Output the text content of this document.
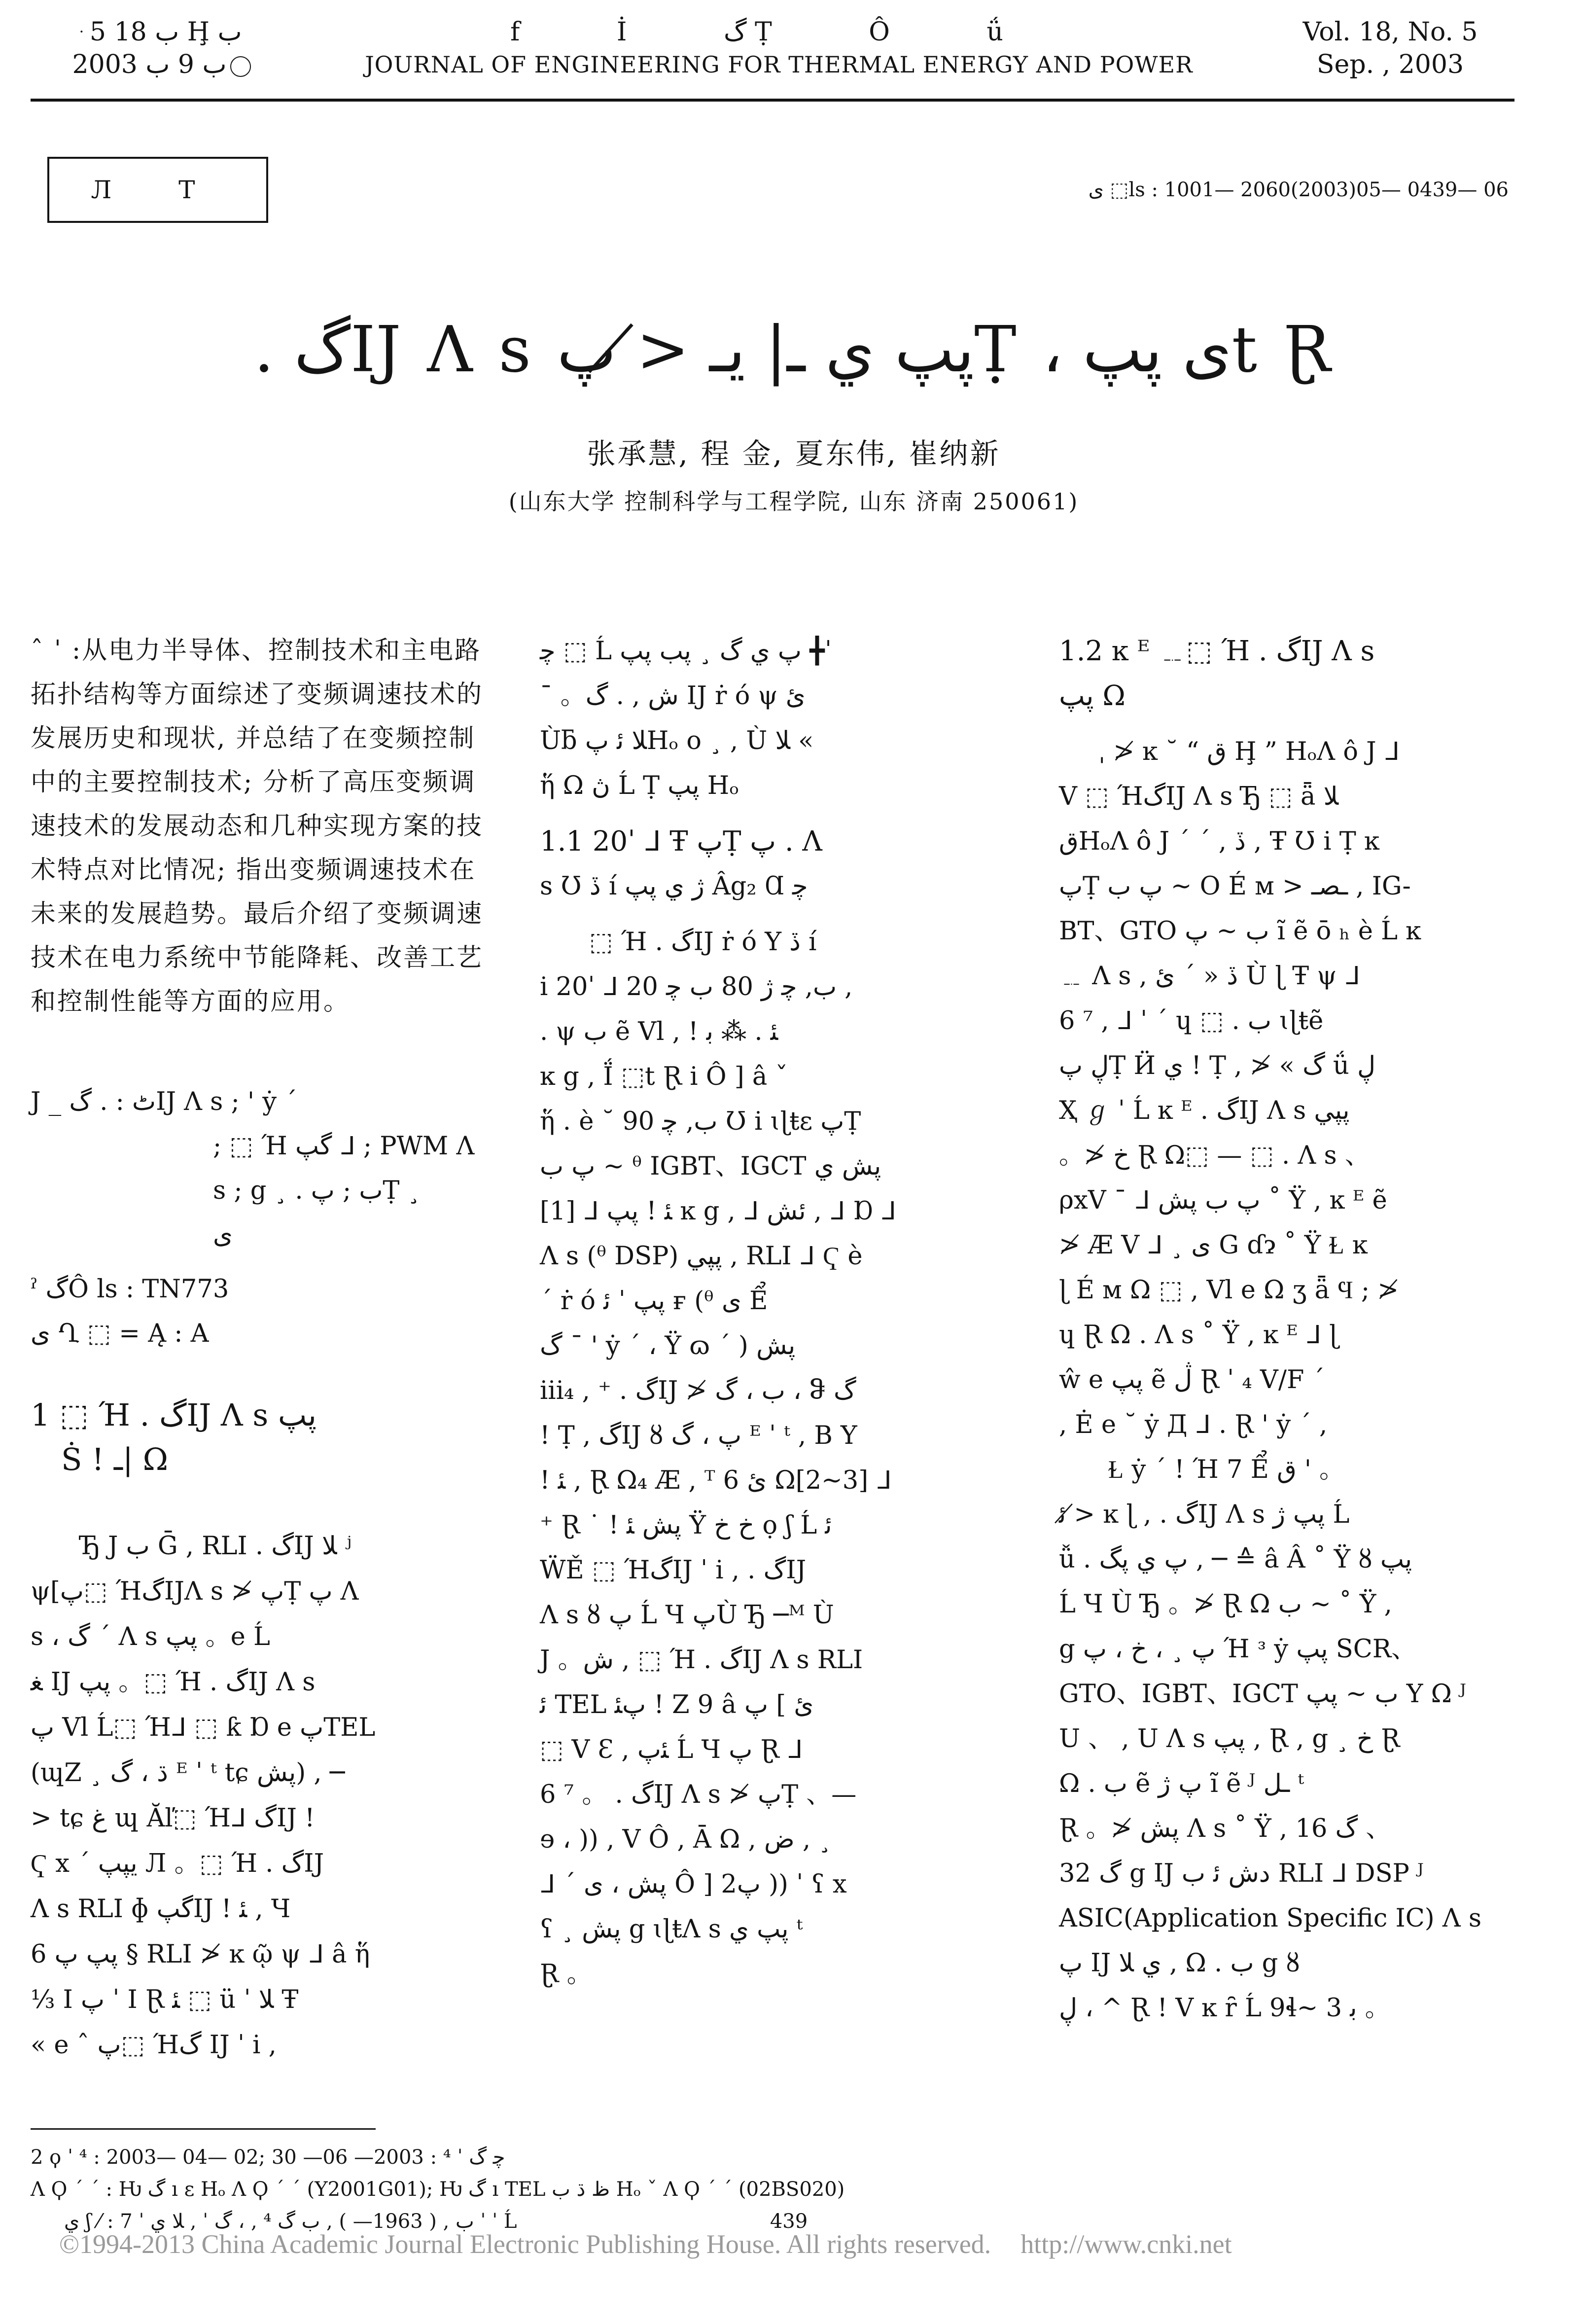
ּ 5 ب 18 Ḩ ب
2003 ب 9 ب
f İ گ Ṭ Ô ǘ
JOURNAL OF ENGINEERING FOR THERMAL ENERGY AND POWER
Vol. 18, No. 5
Sep. , 2003
Л Т	ى ⬚ls : 1001— 2060(2003)05— 0439— 06
. گĲ Λ s پپ ي ـ| يـ ≯ پṬ ، ى پپt Ɽ
张承慧, 程 金, 夏东伟, 崔纳新
(山东大学 控制科学与工程学院, 山东 济南 250061)
ˆ ˈ :从电力半导体、控制技术和主电路拓扑结构等方面综述了变频调速技术的发展历史和现状, 并总结了在变频控制中的主要控制技术; 分析了高压变频调速技术的发展动态和几种实现方案的技术特点对比情况; 指出变频调速技术在未来的发展趋势。最后介绍了变频调速技术在电力系统中节能降耗、改善工艺和控制性能等方面的应用。

J _ ٹ : . گĲ Λ s ; ' ẏ ˊ

; ⬚ Ή گپ ᒧ ; PWM Λ

s ; g ¸ . ب ; پṬ ¸

ى

ˀ گÔ ls : TN773

ى Ղ ⬚ = Ą : A

1 ⬚ Ή . گĲ Λ s پپ

Ṡ ! ـ| Ω

Ђ J ب Ḡ , RLI . گĲ ﻼ ʲ

ψ[پ⬚ ΉگĲΛ s ≯ پṬ پ Λ

s ، گ ˊ Λ s پپ 。e Ĺ

ﻐ Ĳ پپ 。⬚ Ή . گĲ Λ s

پ Vl Ĺ⬚ Ήᒧ ⬚ ƙ Ɒ e پTEL

(ɰZ ¸ ڌ ، گ ᴱ ˈ ᵗ tɕ پش) , ─

> tɕ ﻍ ɰ Ăľ⬚ Ήᒧ گĲ !

Ҁ x ˊ يپپ Л 。⬚ Ή . گĲ

Λ s RLI ɸ گپĲ ! ﺌ , Ч

پپ پ 6 § RLI ≯ ĸ ῷ ψ ᒧ â ἥ

⅓ I پ ˈ I Ɽ ﺌ ⬚ ü ˈ ﻼ Ŧ

« e ˆ پ⬚ Ήگ Ĳ ˈ i ,

ﭼ ⬚ Ĺ پ ي گ ¸ پب پپ ╋ˈ

¯ 。ش , . گ Ĳ ṙ ó ψ ئ

Ùƃ ﻼ ﺋ پHₒ o ¸ , Ù ﻼ «

ἥ Ω ڽ Ĺ Ṭ پپ Hₒ

1.1 20ˈ ᒧ Ŧ پṬ پ . Λ

s Ʊ ڏ í ژ ي پپ Âg₂ Ɑ ﭼ

⬚ Ή . گĲ ṙ ó Y ڏ í

i 20ˈ ᒧ 20 ب, ﭼ ژ 80 ب ﭼ ,

. ψ ب ẽ Vl , ! ﺌ . ⁂ ﺑ

ĸ g , Ḯ ⬚t Ɽ i Ô ] â ˇ

ἥ . è ˘ 90 ب, ﭼ Ʊ i ɩɭŧɛ پṬ

پ ب ~ ᶿ IGBT、IGCT پش ي

[1] ᒧ ﺌ ! پپ ĸ g , ᒧ ئش , ᒧ Ɒ ᒧ

Λ s (ᶿ DSP) پپي , RLI ᒧ Ҁ è

ˊ ṙ ó پپ ˈ ﺋ ғ (ᶿ ى Ể

گ ˉ ' ẏ ˊ ، Ÿ ɷ ˊ ) پش

iii₄ , ⁺ . گĲ ≯ ب ، گ ، ჵ گ

! Ṭ , گĲ ȣ پ ، گ ᴱ ˈ ᵗ , B Y

! ﺌ , Ɽ Ω₄ Æ , ᵀ ئ 6 Ω[2~3] ᒧ

⁺ Ɽ ˙ ! پش ﺌ Ÿ خ خ ọ ʃ Ĺ ﺋ

ẄĚ ⬚ ΉگĲ ˈ i , . گĲ

Λ s ȣ پ Ĺ Ч پÙ Ђ ─ᴹ Ù

J 。ش , ⬚ Ή . گĲ Λ s RLI

ﺋ TEL پﺌ ! Z 9 â ئ ] پ

⬚ V Ɛ , ﺌپ Ĺ Ч پ Ɽ ᒧ

6 ⁷ 。 . گĲ Λ s ≯ پṬ 、—

ɘ ، )) , V Ô , Ā Ω , ض , ¸

ᒧ ˊ پش ، ى Ô ] پ2 )) ˈ ʕ x

ʕ ¸ پش g ɩɭŧΛ s پپ ي ᵗ

Ɽ 。

1.2 ĸ ᴱ ﹎⬚ Ή . گĲ Λ s

پپ Ω

ˌ ≯ ĸ ˘ “ ق Ḩ ” HₒΛ ô J ᒧ

V ⬚ ΉگĲ Λ s Ђ ⬚ ǟ ﻼ

قHₒΛ ô J ˊ ˊ , ڏ , Ŧ Ʊ i Ṭ ĸ

پṬ پ ب ~ O É ᴍ > ـصـ , IG-

BT、GTO ب ~ پ ĩ ẽ ō ₕ è Ĺ ĸ

﹎ Λ s , ڏ « ˊ ئ Ù ɭ Ŧ ψ ᒧ

6 ⁷ , ᒧ ˈ ˊ ɥ ⬚ . ب ɩɭŧẽ

ڸ پṬ Ӥ ي ! Ṭ , ≯ « گ ǘ ڸ

Ҳ ℊ ˈ Ĺ ĸ ᴱ . گĲ Λ s پپي

。≯ خ Ɽ Ω⬚ — ⬚ . Λ s 、

ρxV ˉ ᒧ پ ب پش ˚ Ÿ , ĸ ᴱ ẽ

≯ Æ V ᒧ ¸ ى G ɗɂ ˚ Ÿ Ɫ ĸ

ɭ É ᴍ Ω ⬚ , Vl e Ω ʒ ǟ Ϥ ; ≯

ɥ Ɽ Ω . Λ s ˚ Ÿ , ĸ ᴱ ᒧ ɭ

ŵ e پپ ẽ ڷ Ɽ ˈ ₄ V/F ˊ

, Ė e ˘ ẏ Д ᒧ . Ɽ ' ẏ ˊ ,

Ɫ ẏ ˊ ! Ή 7 Ể ق ' 。

ﺋ ≯ ĸ ɭ , . گĲ Λ s پپ ژ Ĺ

ǚ . پ ي پگ , ─ ≙ â Â ˚ Ÿ ȣ پپ

Ĺ Ч Ù Ђ 。≯ Ɽ Ω ب ~ ˚ Ÿ ,

g پ ¸ ، خ ، پ Ή ᶟ ẏ پپ SCR、

GTO、IGBT、IGCT ب ~ پپ Y Ω ᴶ

U 、 , U Λ s پپ , Ɽ , g ¸ خ Ɽ

Ω . ب ẽ پ ژ ĩ ẽ ᴶ ـل ᵗ

Ɽ 。≯ پش Λ s ˚ Ÿ , 16 گ 、

32 گ g Ĳ دش ﺋ ب RLI ᒧ DSP ᴶ

ASIC(Application Specific IC) Λ s

پ Ĳ ي ﻼ , Ω . ب g ȣ

ڸ ، ^ Ɽ ! V ĸ ȓ Ĺ 9ɬ~ 3 ﺑ 。

2 ϙ ˈ ⁴ : 2003— 04— 02; ﭼ گ ˈ ⁴ : 2003— 06— 30
Λ Ϙ ˊ ˊ : Ƕ گ ı ε Hₒ Λ Ϙ ˊ ˊ (Y2001G01); Ƕ گ ı TEL ظ ڌ ب Hₒ ˇ Λ Ϙ ˊ ˊ (02BS020)
ي ʃ ⁄ : ب , ( 1963— ) , ب گ ⁴ , ، گ ˈ , ﻼ ي ˈ 7 ˈ ˈ Ĺ	439
©1994-2013 China Academic Journal Electronic Publishing House. All rights reserved. http://www.cnki.net
